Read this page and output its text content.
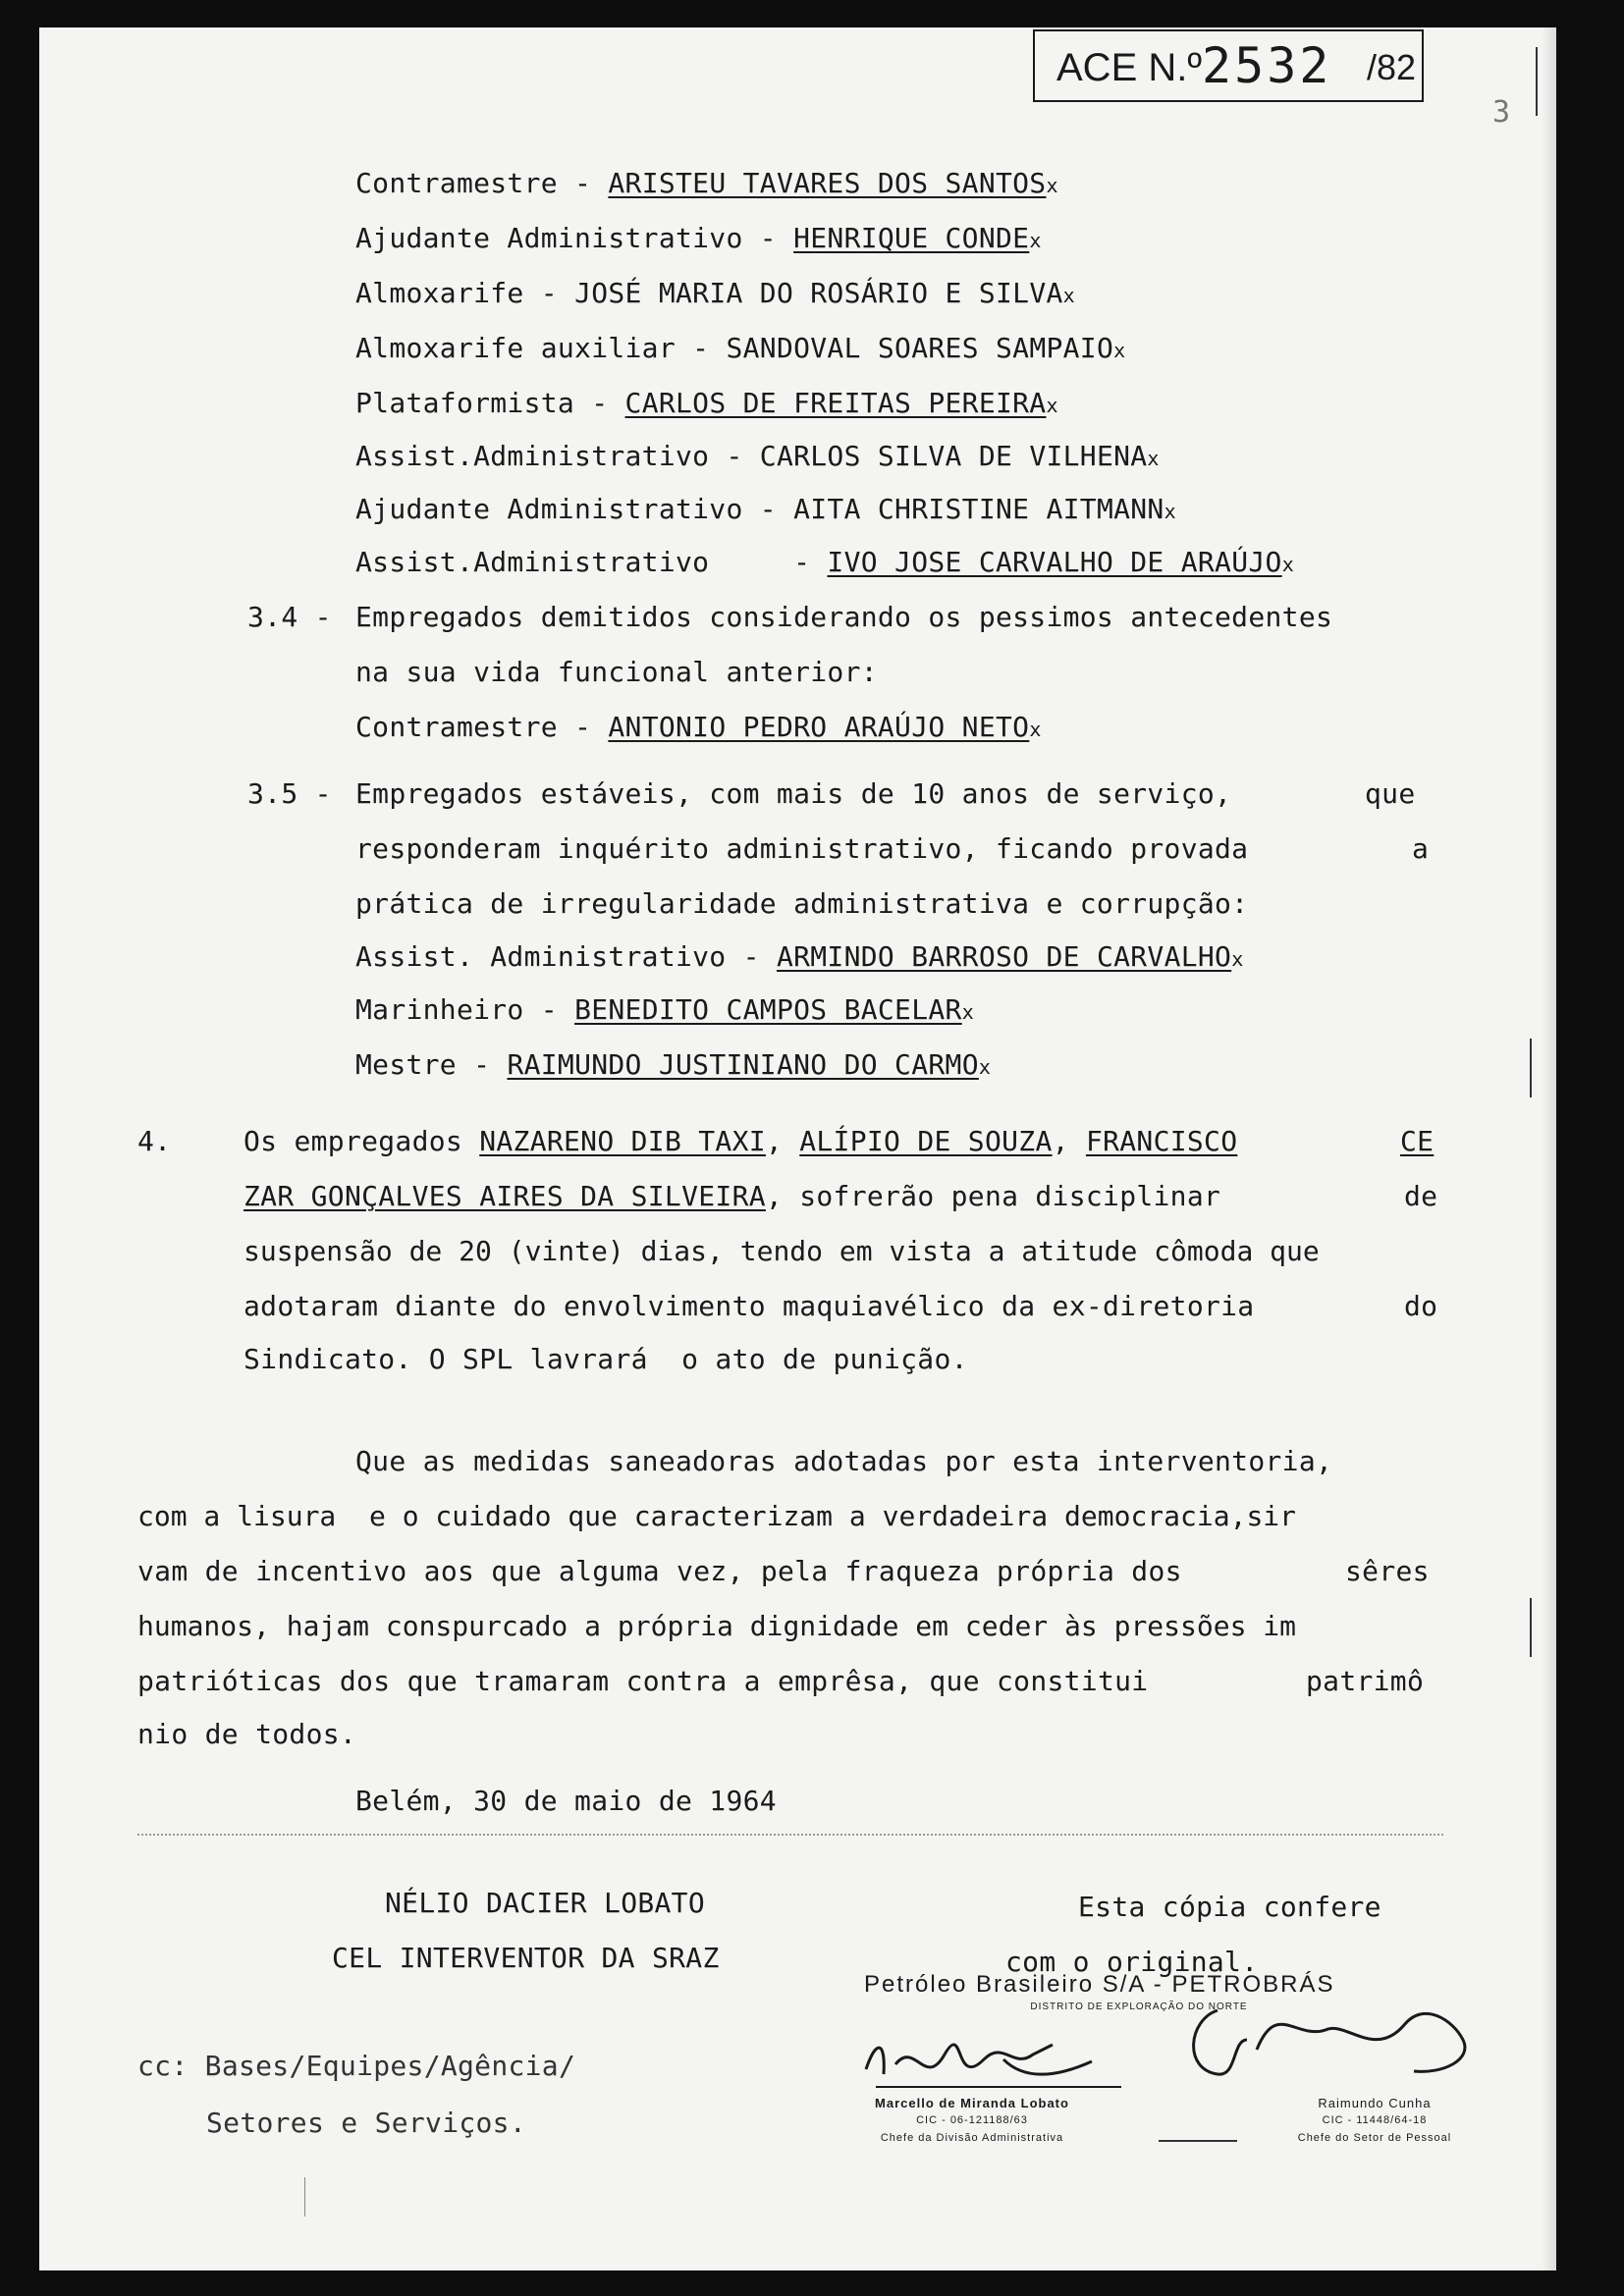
ACE N.º 2532 /82
3
Contramestre - ARISTEU TAVARES DOS SANTOSx
Ajudante Administrativo - HENRIQUE CONDEx
Almoxarife - JOSÉ MARIA DO ROSÁRIO E SILVAx
Almoxarife auxiliar - SANDOVAL SOARES SAMPAIOx
Plataformista - CARLOS DE FREITAS PEREIRAx
Assist.Administrativo - CARLOS SILVA DE VILHENAx
Ajudante Administrativo - AITA CHRISTINE AITMANNx
Assist.Administrativo     - IVO JOSE CARVALHO DE ARAÚJOx
3.4 - Empregados demitidos considerando os pessimos antecedentes
na sua vida funcional anterior:
Contramestre - ANTONIO PEDRO ARAÚJO NETOx
3.5 - Empregados estáveis, com mais de 10 anos de serviço,	que
responderam inquérito administrativo, ficando provada	a
prática de irregularidade administrativa e corrupção:
Assist. Administrativo - ARMINDO BARROSO DE CARVALHOx
Marinheiro - BENEDITO CAMPOS BACELARx
Mestre - RAIMUNDO JUSTINIANO DO CARMOx
4.	Os empregados NAZARENO DIB TAXI, ALÍPIO DE SOUZA, FRANCISCO	CE
ZAR GONÇALVES AIRES DA SILVEIRA, sofrerão pena disciplinar	de
suspensão de 20 (vinte) dias, tendo em vista a atitude cômoda que
adotaram diante do envolvimento maquiavélico da ex-diretoria	do
Sindicato. O SPL lavrará  o ato de punição.
Que as medidas saneadoras adotadas por esta interventoria,
com a lisura  e o cuidado que caracterizam a verdadeira democracia,sir
vam de incentivo aos que alguma vez, pela fraqueza própria dos	sêres
humanos, hajam conspurcado a própria dignidade em ceder às pressões im
patrióticas dos que tramaram contra a emprêsa, que constitui	patrimô
nio de todos.
Belém, 30 de maio de 1964
NÉLIO DACIER LOBATO
CEL INTERVENTOR DA SRAZ
Esta cópia confere
com o original.
cc: Bases/Equipes/Agência/
Setores e Serviços.
Petróleo Brasileiro S/A - PETROBRÁS
DISTRITO DE EXPLORAÇÃO DO NORTE
Marcello de Miranda Lobato
CIC - 06-121188/63
Chefe da Divisão Administrativa
Raimundo Cunha
CIC - 11448/64-18
Chefe do Setor de Pessoal
